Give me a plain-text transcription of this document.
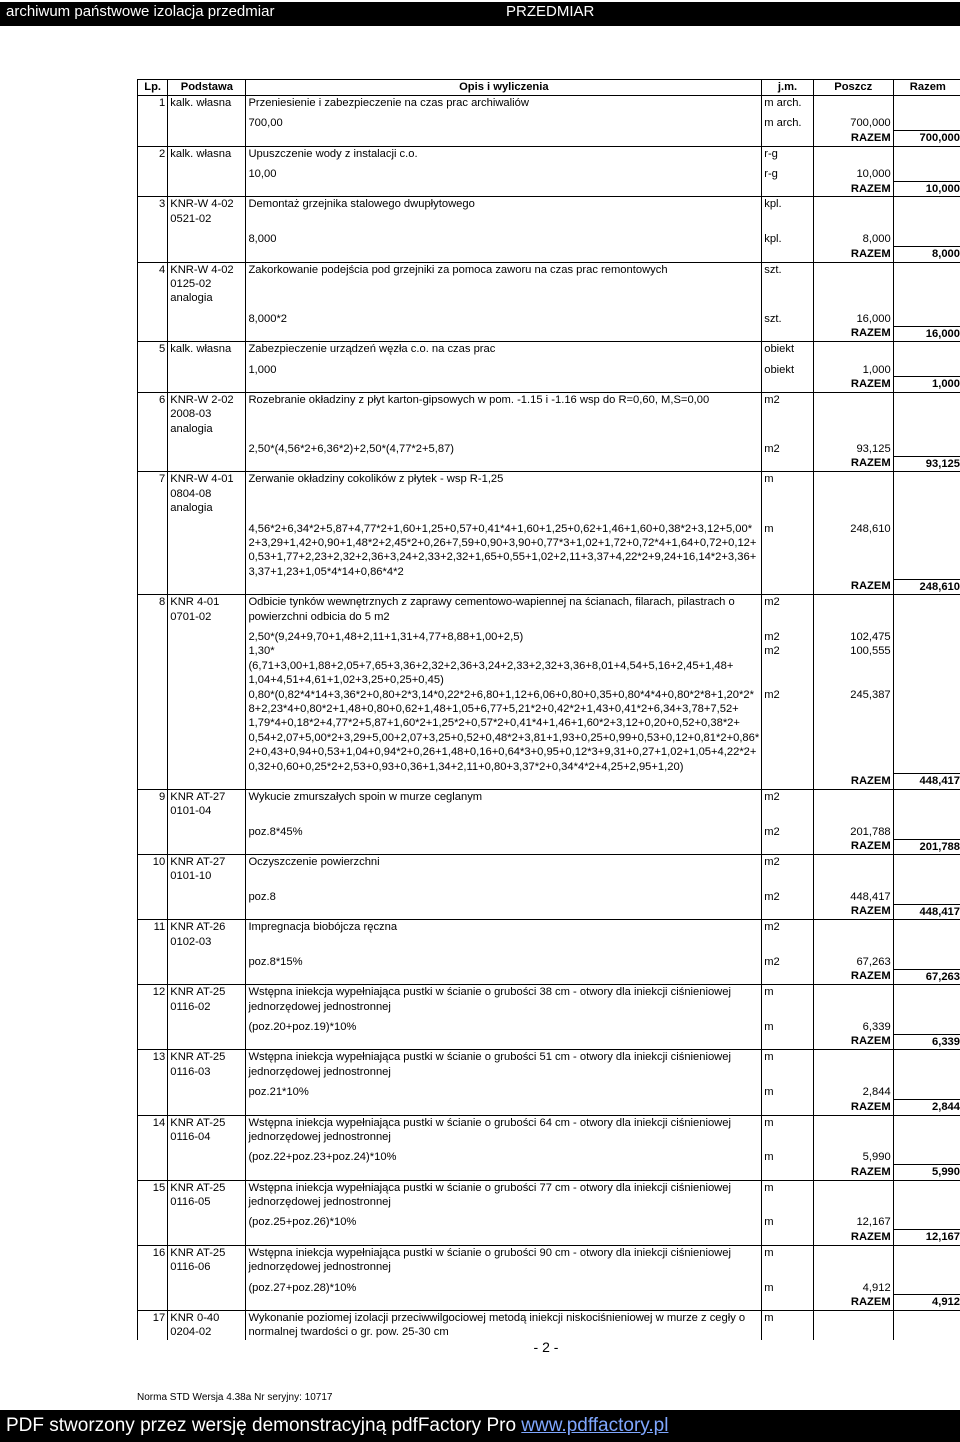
archiwum państwowe izolacja przedmiar	PRZEDMIAR
Lp.	Podstawa	Opis i wyliczenia	j.m.	Poszcz	Razem
1	kalk. własna	Przeniesienie i zabezpieczenie na czas prac archiwaliów	m arch.		
		700,00	m arch.	700,000	
				RAZEM	700,000
2	kalk. własna	Upuszczenie wody z instalacji c.o.	r-g		
		10,00	r-g	10,000	
				RAZEM	10,000
3	KNR-W 4-02 0521-02	Demontaż grzejnika stalowego dwupłytowego	kpl.		
		8,000	kpl.	8,000	
				RAZEM	8,000
4	KNR-W 4-02 0125-02 analogia	Zakorkowanie podejścia pod grzejniki za pomoca zaworu na czas prac remontowych	szt.		
		8,000*2	szt.	16,000	
				RAZEM	16,000
5	kalk. własna	Zabezpieczenie urządzeń węzła c.o. na czas prac	obiekt		
		1,000	obiekt	1,000	
				RAZEM	1,000
6	KNR-W 2-02 2008-03 analogia	Rozebranie okładziny z płyt karton-gipsowych w pom. -1.15 i -1.16 wsp do R=0,60, M,S=0,00	m2		
		2,50*(4,56*2+6,36*2)+2,50*(4,77*2+5,87)	m2	93,125	
				RAZEM	93,125
7	KNR-W 4-01 0804-08 analogia	Zerwanie okładziny cokolików z płytek - wsp R-1,25	m		
		4,56*2+6,34*2+5,87+4,77*2+1,60+1,25+0,57+0,41*4+1,60+1,25+0,62+1,46+1,60+0,38*2+3,12+5,00* 2+3,29+1,42+0,90+1,48*2+2,45*2+0,26+7,59+0,90+3,90+0,77*3+1,02+1,72+0,72*4+1,64+0,72+0,12+ 0,53+1,77+2,23+2,32+2,36+3,24+2,33+2,32+1,65+0,55+1,02+2,11+3,37+4,22*2+9,24+16,14*2+3,36+ 3,37+1,23+1,05*4*14+0,86*4*2	m	248,610	
				RAZEM	248,610
8	KNR 4-01 0701-02	Odbicie tynków wewnętrznych z zaprawy cementowo-wapiennej na ścianach, filarach, pilastrach o powierzchni odbicia do 5 m2	m2		
		2,50*(9,24+9,70+1,48+2,11+1,31+4,77+8,88+1,00+2,5)	m2	102,475	
		1,30*(6,71+3,00+1,88+2,05+7,65+3,36+2,32+2,36+3,24+2,33+2,32+3,36+8,01+4,54+5,16+2,45+1,48+ 1,04+4,51+4,61+1,02+3,25+0,25+0,45)	m2	100,555	
		0,80*(0,82*4*14+3,36*2+0,80+2*3,14*0,22*2+6,80+1,12+6,06+0,80+0,35+0,80*4*4+0,80*2*8+1,20*2* 8+2,23*4+0,80*2+1,48+0,80+0,62+1,48+1,05+6,77+5,21*2+0,42*2+1,43+0,41*2+6,34+3,78+7,52+ 1,79*4+0,18*2+4,77*2+5,87+1,60*2+1,25*2+0,57*2+0,41*4+1,46+1,60*2+3,12+0,20+0,52+0,38*2+ 0,54+2,07+5,00*2+3,29+5,00+2,07+3,25+0,52+0,48*2+3,81+1,93+0,25+0,99+0,53+0,12+0,81*2+0,86* 2+0,43+0,94+0,53+1,04+0,94*2+0,26+1,48+0,16+0,64*3+0,95+0,12*3+9,31+0,27+1,02+1,05+4,22*2+ 0,32+0,60+0,25*2+2,53+0,93+0,36+1,34+2,11+0,80+3,37*2+0,34*4*2+4,25+2,95+1,20)	m2	245,387	
				RAZEM	448,417
9	KNR AT-27 0101-04	Wykucie zmurszałych spoin w murze ceglanym	m2		
		poz.8*45%	m2	201,788	
				RAZEM	201,788
10	KNR AT-27 0101-10	Oczyszczenie powierzchni	m2		
		poz.8	m2	448,417	
				RAZEM	448,417
11	KNR AT-26 0102-03	Impregnacja biobójcza ręczna	m2		
		poz.8*15%	m2	67,263	
				RAZEM	67,263
12	KNR AT-25 0116-02	Wstępna iniekcja wypełniająca pustki w ścianie o grubości 38 cm - otwory dla iniekcji ciśnieniowej jednorzędowej jednostronnej	m		
		(poz.20+poz.19)*10%	m	6,339	
				RAZEM	6,339
13	KNR AT-25 0116-03	Wstępna iniekcja wypełniająca pustki w ścianie o grubości 51 cm - otwory dla iniekcji ciśnieniowej jednorzędowej jednostronnej	m		
		poz.21*10%	m	2,844	
				RAZEM	2,844
14	KNR AT-25 0116-04	Wstępna iniekcja wypełniająca pustki w ścianie o grubości 64 cm - otwory dla iniekcji ciśnieniowej jednorzędowej jednostronnej	m		
		(poz.22+poz.23+poz.24)*10%	m	5,990	
				RAZEM	5,990
15	KNR AT-25 0116-05	Wstępna iniekcja wypełniająca pustki w ścianie o grubości 77 cm - otwory dla iniekcji ciśnieniowej jednorzędowej jednostronnej	m		
		(poz.25+poz.26)*10%	m	12,167	
				RAZEM	12,167
16	KNR AT-25 0116-06	Wstępna iniekcja wypełniająca pustki w ścianie o grubości 90 cm - otwory dla iniekcji ciśnieniowej jednorzędowej jednostronnej	m		
		(poz.27+poz.28)*10%	m	4,912	
				RAZEM	4,912
17	KNR 0-40 0204-02	Wykonanie poziomej izolacji przeciwwilgociowej metodą iniekcji niskociśnieniowej w murze z cegły o normalnej twardości o gr. pow. 25-30 cm	m		
- 2 -
Norma STD Wersja 4.38a Nr seryjny: 10717
PDF stworzony przez wersję demonstracyjną pdfFactory Pro www.pdffactory.pl
